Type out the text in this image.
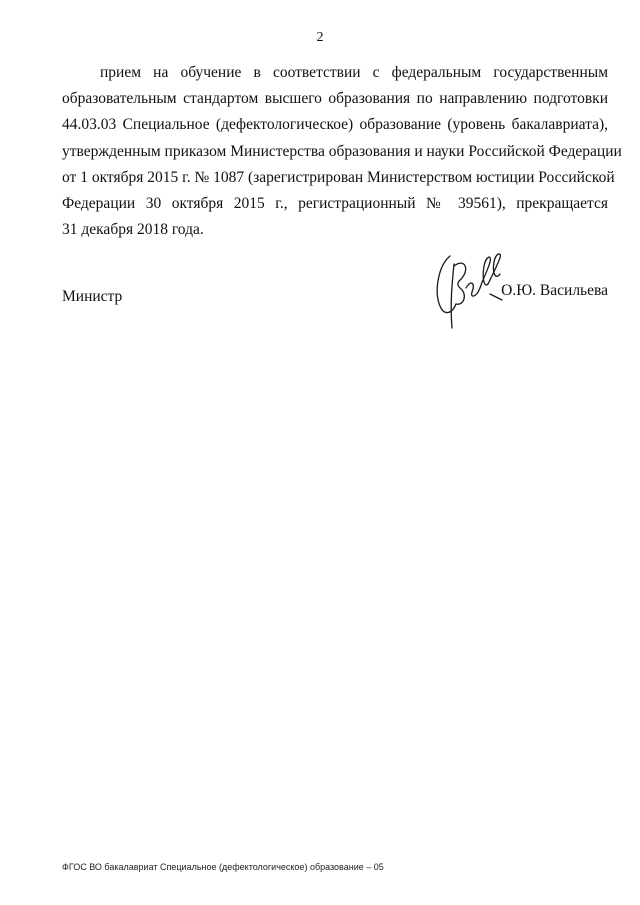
2
прием на обучение в соответствии с федеральным государственным
образовательным стандартом высшего образования по направлению подготовки
44.03.03 Специальное (дефектологическое) образование (уровень бакалавриата),
утвержденным приказом Министерства образования и науки Российской Федерации
от 1 октября 2015 г. № 1087 (зарегистрирован Министерством юстиции Российской
Федерации 30 октября 2015 г., регистрационный № 39561), прекращается
31 декабря 2018 года.
Министр	О.Ю. Васильева
ФГОС ВО бакалавриат Специальное (дефектологическое) образование – 05
